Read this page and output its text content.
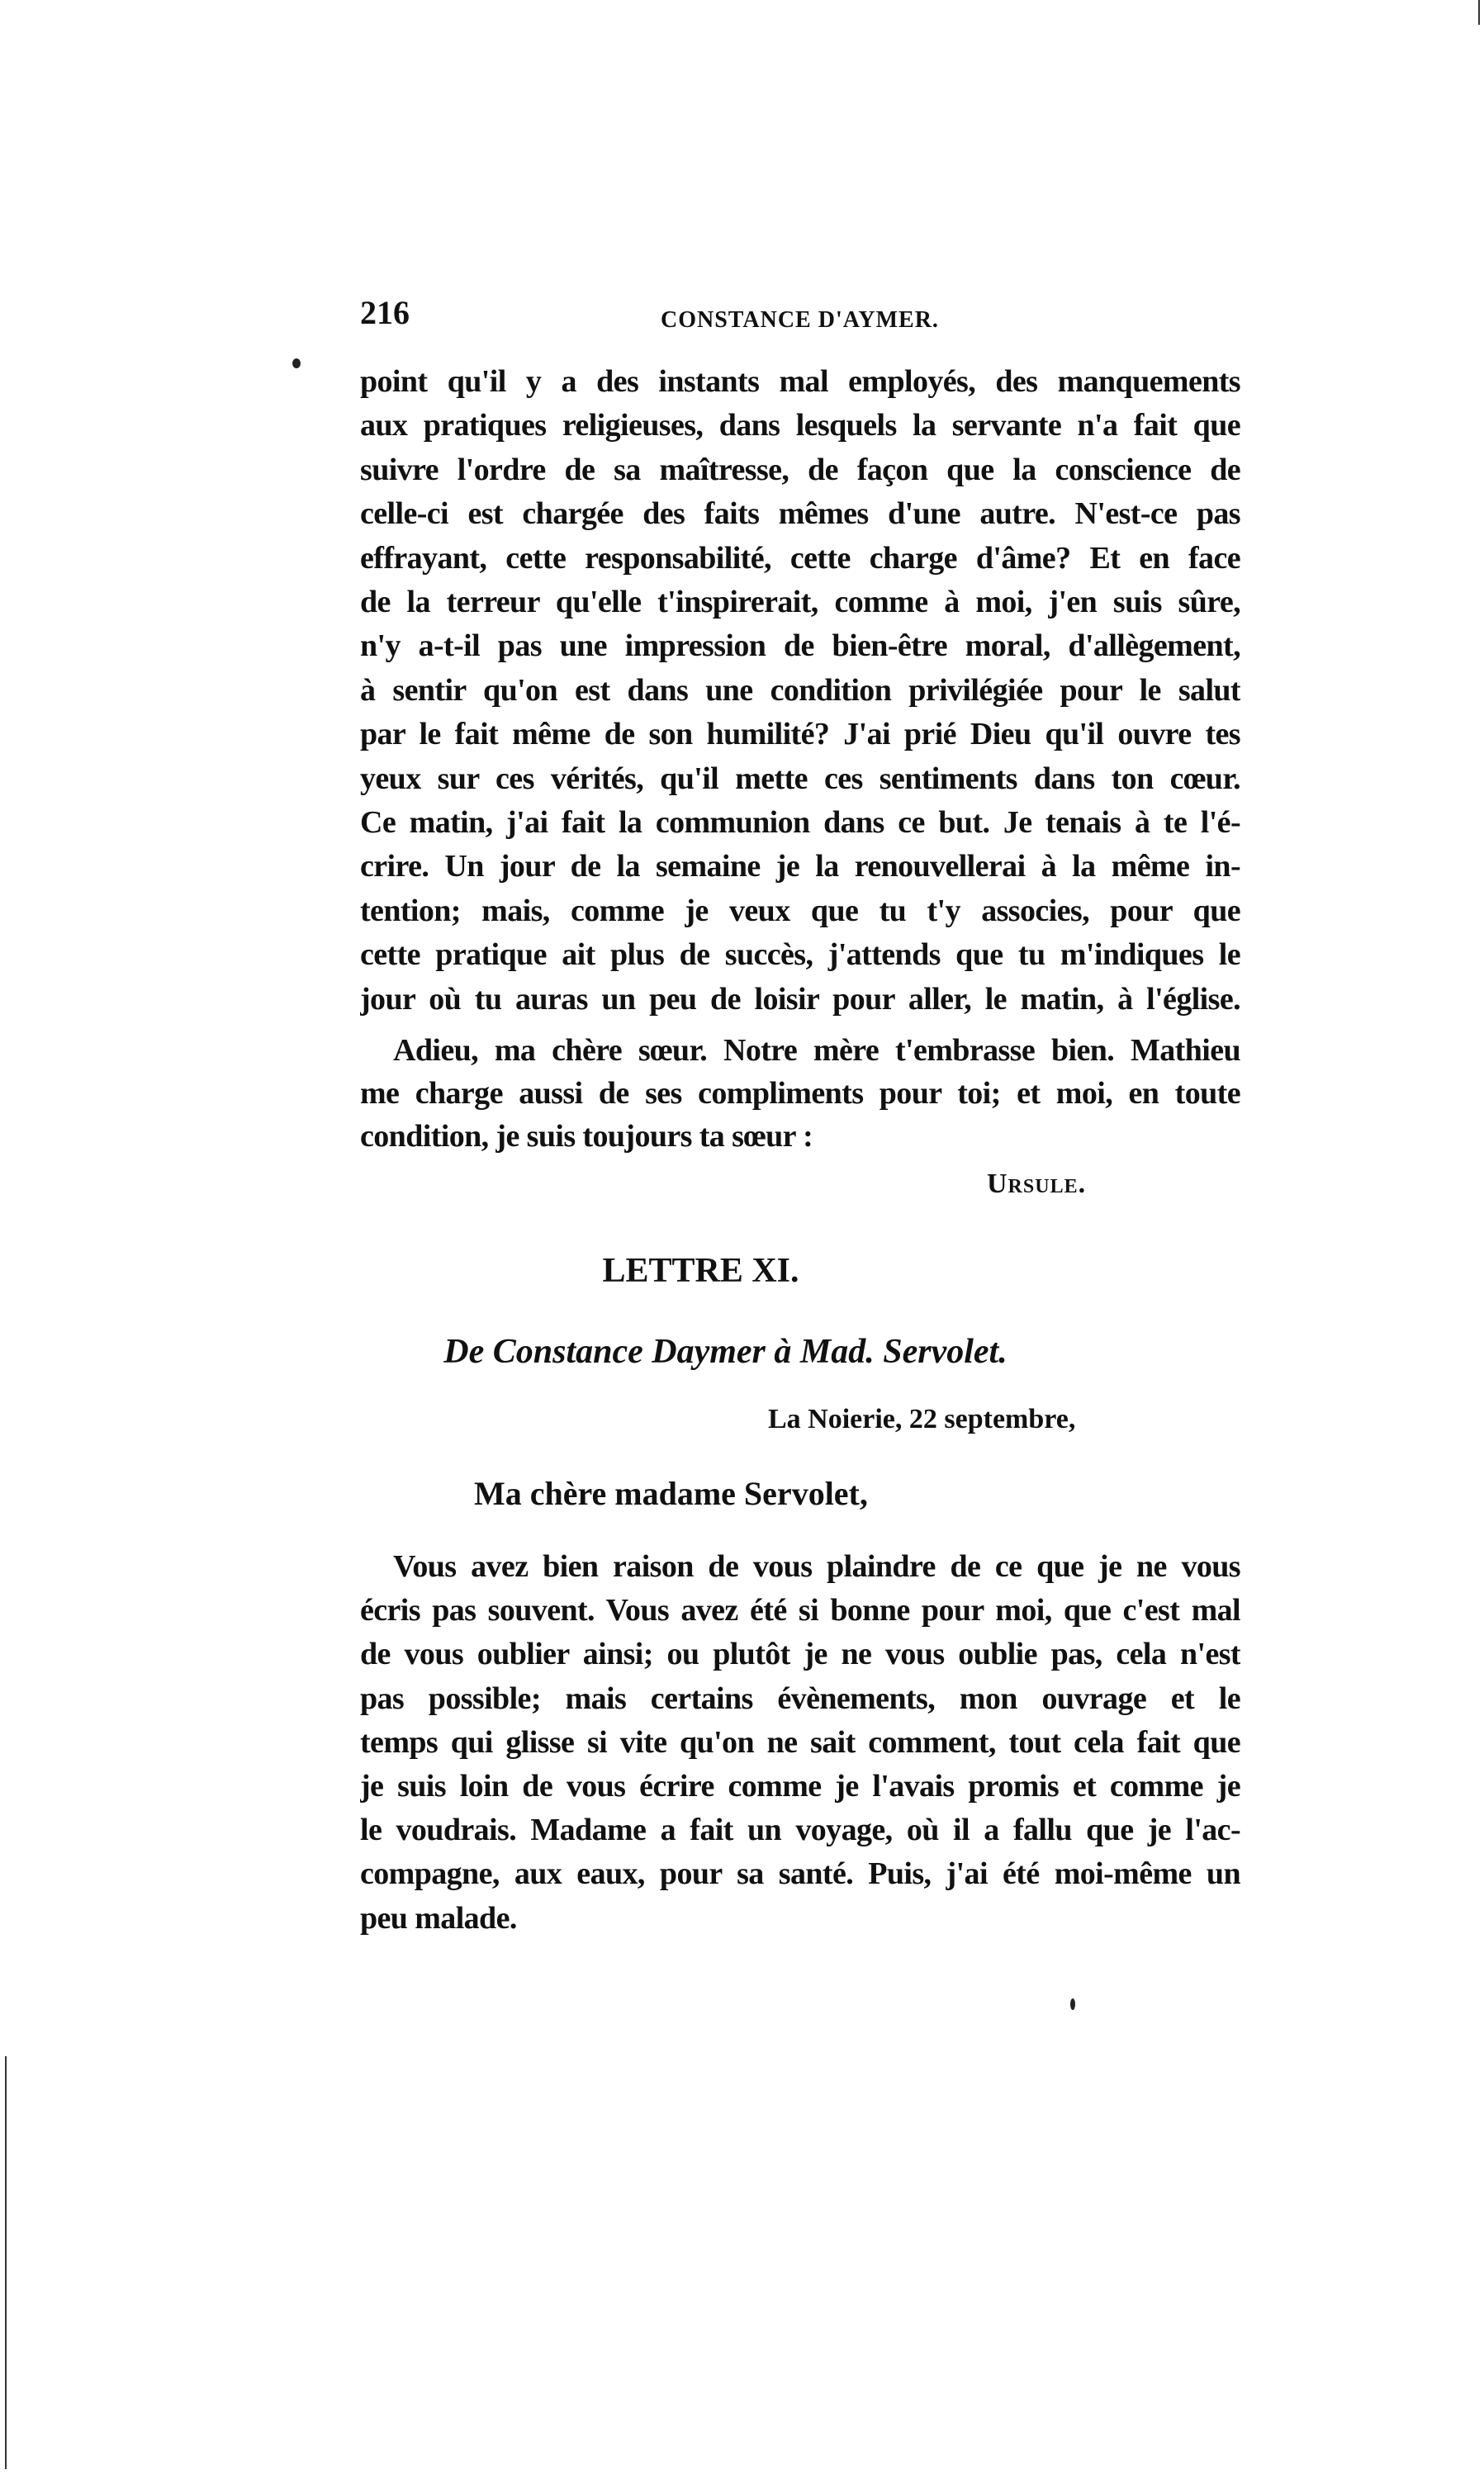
216	CONSTANCE D'AYMER.
point qu'il y a des instants mal employés, des manquements
aux pratiques religieuses, dans lesquels la servante n'a fait que
suivre l'ordre de sa maîtresse, de façon que la conscience de
celle-ci est chargée des faits mêmes d'une autre. N'est-ce pas
effrayant, cette responsabilité, cette charge d'âme? Et en face
de la terreur qu'elle t'inspirerait, comme à moi, j'en suis sûre,
n'y a-t-il pas une impression de bien-être moral, d'allègement,
à sentir qu'on est dans une condition privilégiée pour le salut
par le fait même de son humilité? J'ai prié Dieu qu'il ouvre tes
yeux sur ces vérités, qu'il mette ces sentiments dans ton cœur.
Ce matin, j'ai fait la communion dans ce but. Je tenais à te l'é-
crire. Un jour de la semaine je la renouvellerai à la même in-
tention; mais, comme je veux que tu t'y associes, pour que
cette pratique ait plus de succès, j'attends que tu m'indiques le
jour où tu auras un peu de loisir pour aller, le matin, à l'église.
Adieu, ma chère sœur. Notre mère t'embrasse bien. Mathieu
me charge aussi de ses compliments pour toi; et moi, en toute
condition, je suis toujours ta sœur :
Ursule.
LETTRE XI.
De Constance Daymer à Mad. Servolet.
La Noierie, 22 septembre,
Ma chère madame Servolet,
Vous avez bien raison de vous plaindre de ce que je ne vous
écris pas souvent. Vous avez été si bonne pour moi, que c'est mal
de vous oublier ainsi; ou plutôt je ne vous oublie pas, cela n'est
pas possible; mais certains évènements, mon ouvrage et le
temps qui glisse si vite qu'on ne sait comment, tout cela fait que
je suis loin de vous écrire comme je l'avais promis et comme je
le voudrais. Madame a fait un voyage, où il a fallu que je l'ac-
compagne, aux eaux, pour sa santé. Puis, j'ai été moi-même un
peu malade.
